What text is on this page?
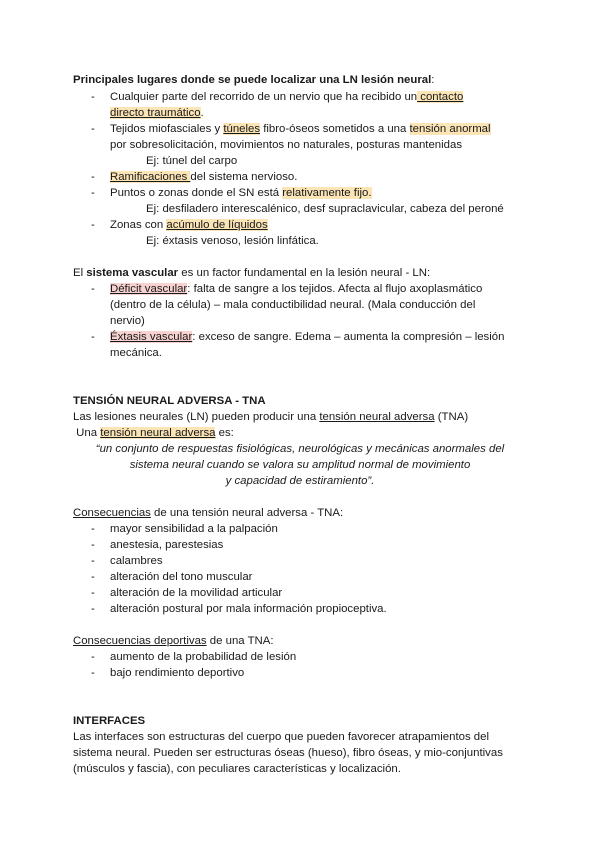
Principales lugares donde se puede localizar una LN lesión neural:
- Cualquier parte del recorrido de un nervio que ha recibido un contacto
directo traumático.
- Tejidos miofasciales y túneles fibro-óseos sometidos a una tensión anormal
por sobresolicitación, movimientos no naturales, posturas mantenidas
Ej: túnel del carpo
- Ramificaciones del sistema nervioso.
- Puntos o zonas donde el SN está relativamente fijo.
Ej: desfiladero interescalénico, desf supraclavicular, cabeza del peroné
- Zonas con acúmulo de líquidos
Ej: éxtasis venoso, lesión linfática.
El sistema vascular es un factor fundamental en la lesión neural - LN:
- Déficit vascular: falta de sangre a los tejidos. Afecta al flujo axoplasmático
(dentro de la célula) – mala conductibilidad neural. (Mala conducción del
nervio)
- Éxtasis vascular: exceso de sangre. Edema – aumenta la compresión – lesión
mecánica.
TENSIÓN NEURAL ADVERSA - TNA
Las lesiones neurales (LN) pueden producir una tensión neural adversa (TNA)
Una tensión neural adversa es:
“un conjunto de respuestas fisiológicas, neurológicas y mecánicas anormales del
sistema neural cuando se valora su amplitud normal de movimiento
y capacidad de estiramiento”.
Consecuencias de una tensión neural adversa - TNA:
- mayor sensibilidad a la palpación
- anestesia, parestesias
- calambres
- alteración del tono muscular
- alteración de la movilidad articular
- alteración postural por mala información propioceptiva.
Consecuencias deportivas de una TNA:
- aumento de la probabilidad de lesión
- bajo rendimiento deportivo
INTERFACES
Las interfaces son estructuras del cuerpo que pueden favorecer atrapamientos del
sistema neural. Pueden ser estructuras óseas (hueso), fibro óseas, y mio-conjuntivas
(músculos y fascia), con peculiares características y localización.
